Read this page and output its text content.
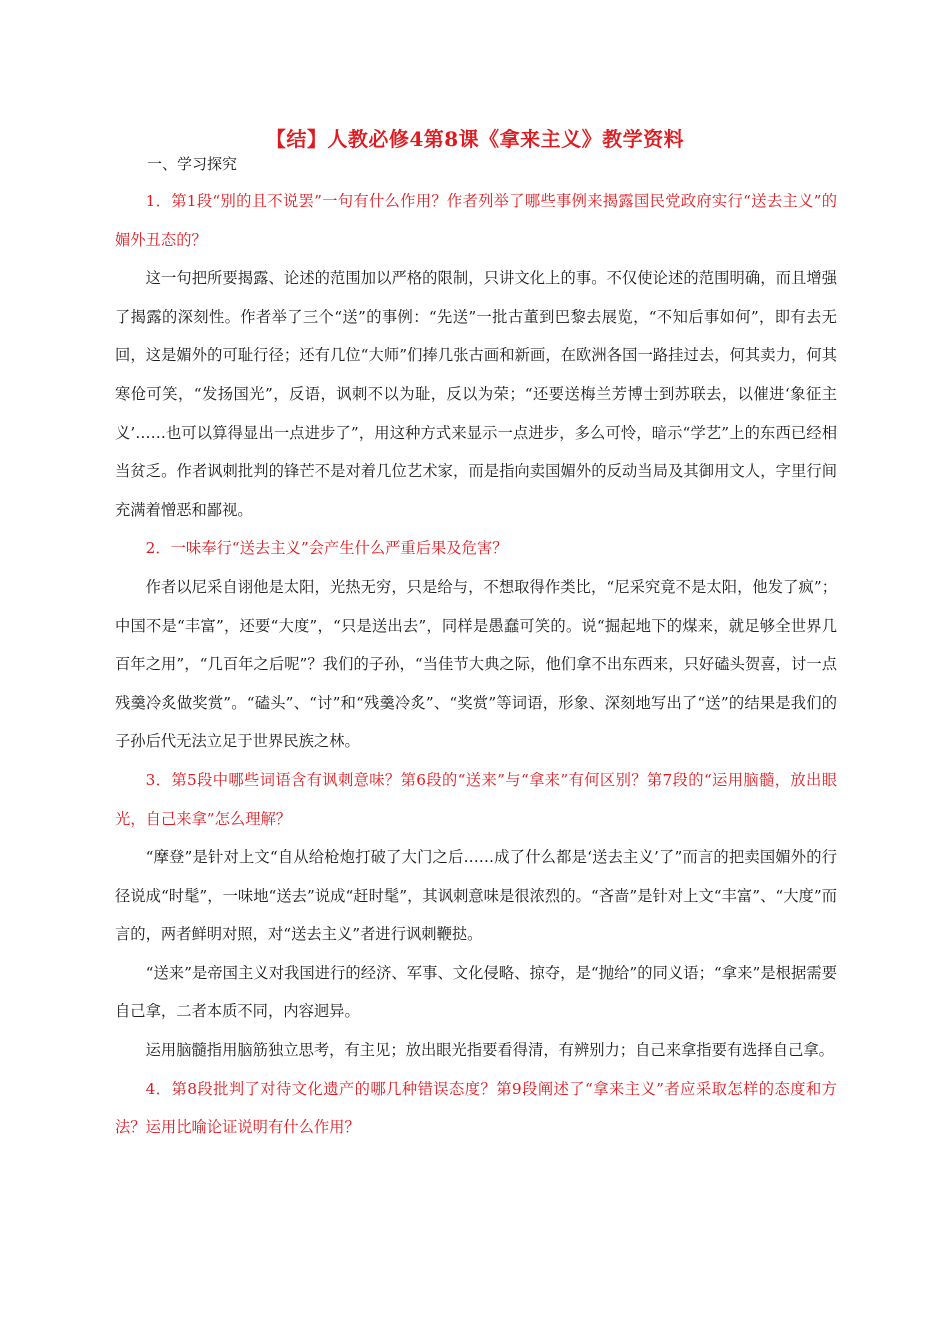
【结】人教必修4第8课《拿来主义》教学资料
一、学习探究

1．第1段“别的且不说罢”一句有什么作用？作者列举了哪些事例来揭露国民党政府实行“送去主义”的媚外丑态的？

这一句把所要揭露、论述的范围加以严格的限制，只讲文化上的事。不仅使论述的范围明确，而且增强了揭露的深刻性。作者举了三个“送”的事例：“先送”一批古董到巴黎去展览，“不知后事如何”，即有去无回，这是媚外的可耻行径；还有几位“大师”们捧几张古画和新画，在欧洲各国一路挂过去，何其卖力，何其寒伧可笑，“发扬国光”，反语，讽刺不以为耻，反以为荣；“还要送梅兰芳博士到苏联去，以催进‘象征主义’……也可以算得显出一点进步了”，用这种方式来显示一点进步，多么可怜，暗示“学艺”上的东西已经相当贫乏。作者讽刺批判的锋芒不是对着几位艺术家，而是指向卖国媚外的反动当局及其御用文人，字里行间充满着憎恶和鄙视。

2．一味奉行“送去主义”会产生什么严重后果及危害？

作者以尼采自诩他是太阳，光热无穷，只是给与，不想取得作类比，“尼采究竟不是太阳，他发了疯”；中国不是“丰富”，还要“大度”，“只是送出去”，同样是愚蠢可笑的。说“掘起地下的煤来，就足够全世界几百年之用”，“几百年之后呢”？我们的子孙，“当佳节大典之际，他们拿不出东西来，只好磕头贺喜，讨一点残羹冷炙做奖赏”。“磕头”、“讨”和“残羹冷炙”、“奖赏”等词语，形象、深刻地写出了“送”的结果是我们的子孙后代无法立足于世界民族之林。

3．第5段中哪些词语含有讽刺意味？第6段的“送来”与“拿来”有何区别？第7段的“运用脑髓，放出眼光，自己来拿”怎么理解？

“摩登”是针对上文“自从给枪炮打破了大门之后……成了什么都是‘送去主义’了”而言的把卖国媚外的行径说成“时髦”，一味地“送去”说成“赶时髦”，其讽刺意味是很浓烈的。“吝啬”是针对上文“丰富”、“大度”而言的，两者鲜明对照，对“送去主义”者进行讽刺鞭挞。

“送来”是帝国主义对我国进行的经济、军事、文化侵略、掠夺，是“抛给”的同义语；“拿来”是根据需要自己拿，二者本质不同，内容迥异。

运用脑髓指用脑筋独立思考，有主见；放出眼光指要看得清，有辨别力；自己来拿指要有选择自己拿。

4．第8段批判了对待文化遗产的哪几种错误态度？第9段阐述了“拿来主义”者应采取怎样的态度和方法？运用比喻论证说明有什么作用？
